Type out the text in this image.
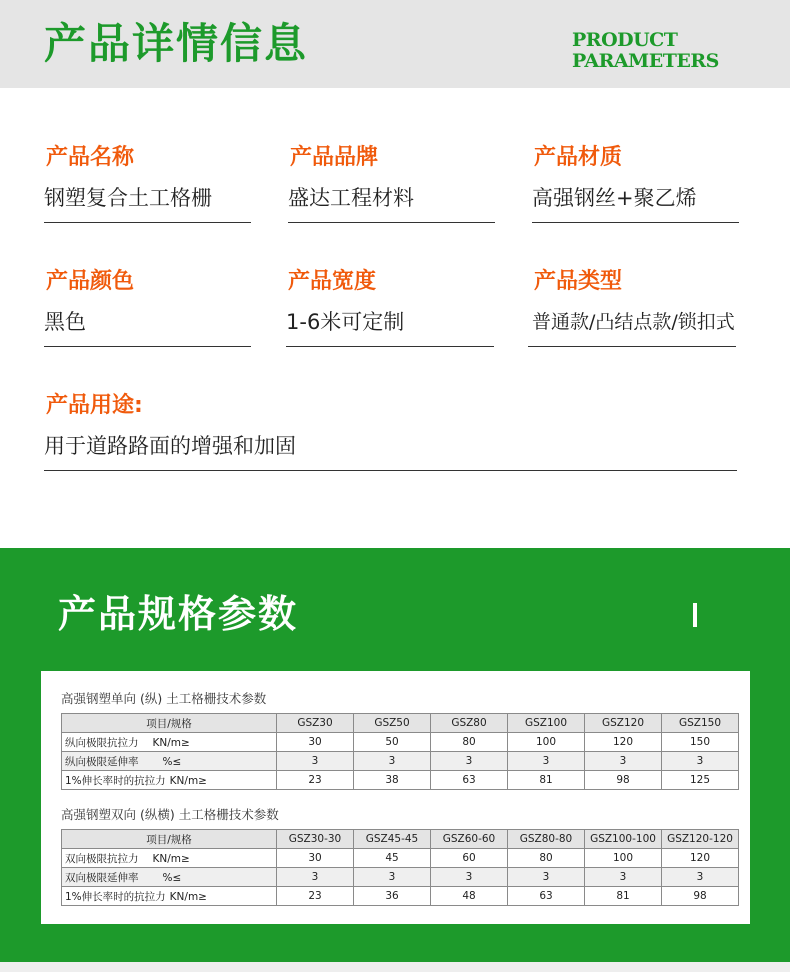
产品详情信息	PRODUCT
PARAMETERS
产品名称
钢塑复合土工格栅
产品品牌
盛达工程材料
产品材质
高强钢丝+聚乙烯
产品颜色
黑色
产品宽度
1-6米可定制
产品类型
普通款/凸结点款/锁扣式
产品用途:
用于道路路面的增强和加固
产品规格参数
高强钢塑单向 (纵) 土工格栅技术参数
项目/规格	GSZ30	GSZ50	GSZ80	GSZ100	GSZ120	GSZ150
纵向极限抗拉力 KN/m≥	30	50	80	100	120	150
纵向极限延伸率 %≤	3	3	3	3	3	3
1%伸长率时的抗拉力 KN/m≥	23	38	63	81	98	125
高强钢塑双向 (纵横) 土工格栅技术参数
项目/规格	GSZ30-30	GSZ45-45	GSZ60-60	GSZ80-80	GSZ100-100	GSZ120-120
双向极限抗拉力 KN/m≥	30	45	60	80	100	120
双向极限延伸率 %≤	3	3	3	3	3	3
1%伸长率时的抗拉力 KN/m≥	23	36	48	63	81	98
